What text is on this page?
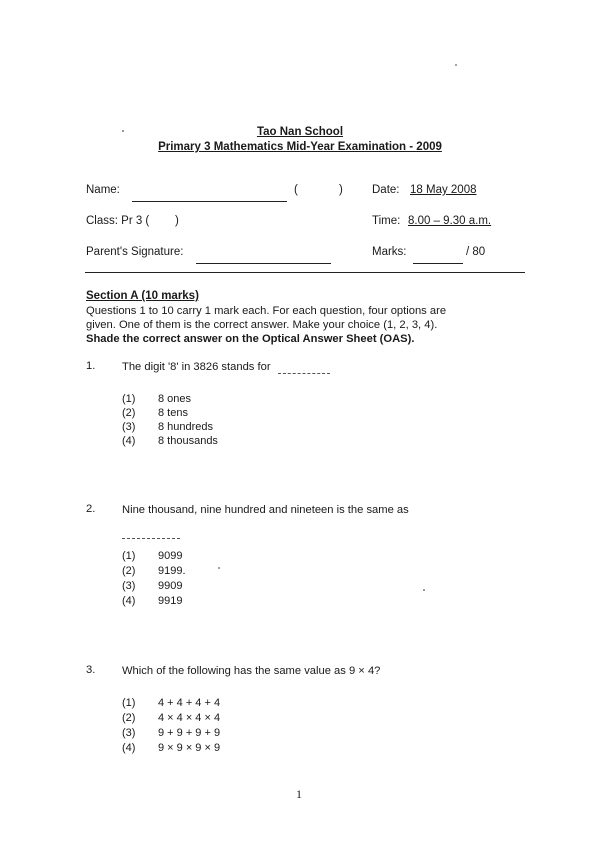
Tao Nan School
Primary 3 Mathematics Mid-Year Examination - 2009
Name:	(	)	Date: 18 May 2008
Class: Pr 3 ( )	Time: 8.00 – 9.30 a.m.
Parent's Signature:	Marks:	/ 80
Section A (10 marks)
Questions 1 to 10 carry 1 mark each. For each question, four options are
given. One of them is the correct answer. Make your choice (1, 2, 3, 4).
Shade the correct answer on the Optical Answer Sheet (OAS).
1. The digit '8' in 3826 stands for
(1) 8 ones
(2) 8 tens
(3) 8 hundreds
(4) 8 thousands
2. Nine thousand, nine hundred and nineteen is the same as
(1) 9099
(2) 9199.
(3) 9909
(4) 9919
3. Which of the following has the same value as 9 × 4?
(1) 4 + 4 + 4 + 4
(2) 4 × 4 × 4 × 4
(3) 9 + 9 + 9 + 9
(4) 9 × 9 × 9 × 9
1
